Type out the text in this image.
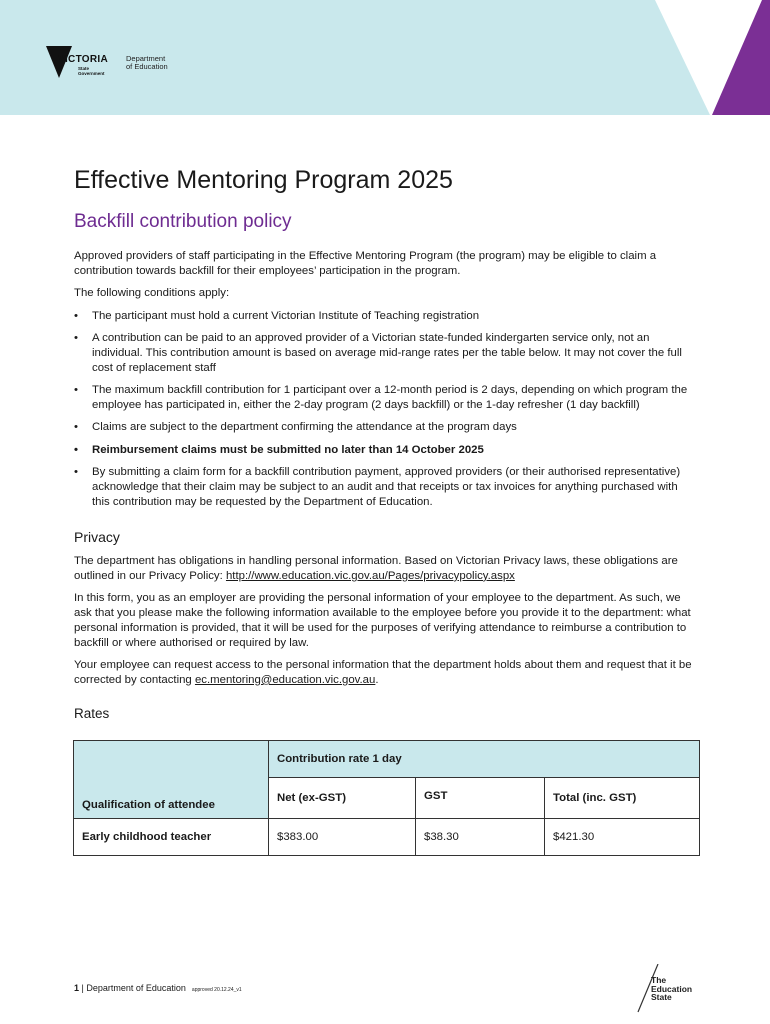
VICTORIA
State
Government
Department
of Education
Effective Mentoring Program 2025
Backfill contribution policy

Approved providers of staff participating in the Effective Mentoring Program (the program) may be eligible to claim a contribution towards backfill for their employees’ participation in the program.

The following conditions apply:

• The participant must hold a current Victorian Institute of Teaching registration
• A contribution can be paid to an approved provider of a Victorian state-funded kindergarten service only, not an individual. This contribution amount is based on average mid-range rates per the table below. It may not cover the full cost of replacement staff
• The maximum backfill contribution for 1 participant over a 12-month period is 2 days, depending on which program the employee has participated in, either the 2-day program (2 days backfill) or the 1-day refresher (1 day backfill)
• Claims are subject to the department confirming the attendance at the program days
• Reimbursement claims must be submitted no later than 14 October 2025
• By submitting a claim form for a backfill contribution payment, approved providers (or their authorised representative) acknowledge that their claim may be subject to an audit and that receipts or tax invoices for anything purchased with this contribution may be requested by the Department of Education.
Privacy

The department has obligations in handling personal information. Based on Victorian Privacy laws, these obligations are outlined in our Privacy Policy: http://www.education.vic.gov.au/Pages/privacypolicy.aspx

In this form, you as an employer are providing the personal information of your employee to the department. As such, we ask that you please make the following information available to the employee before you provide it to the department: what personal information is provided, that it will be used for the purposes of verifying attendance to reimburse a contribution to backfill or where authorised or required by law.

Your employee can request access to the personal information that the department holds about them and request that it be corrected by contacting ec.mentoring@education.vic.gov.au.

Rates
Qualification of attendee	Contribution rate 1 day		
	Net (ex-GST)	GST	Total (inc. GST)
Early childhood teacher	$383.00	$38.30	$421.30
1 | Department of Education approved 20.12.24_v1
The
Education
State
